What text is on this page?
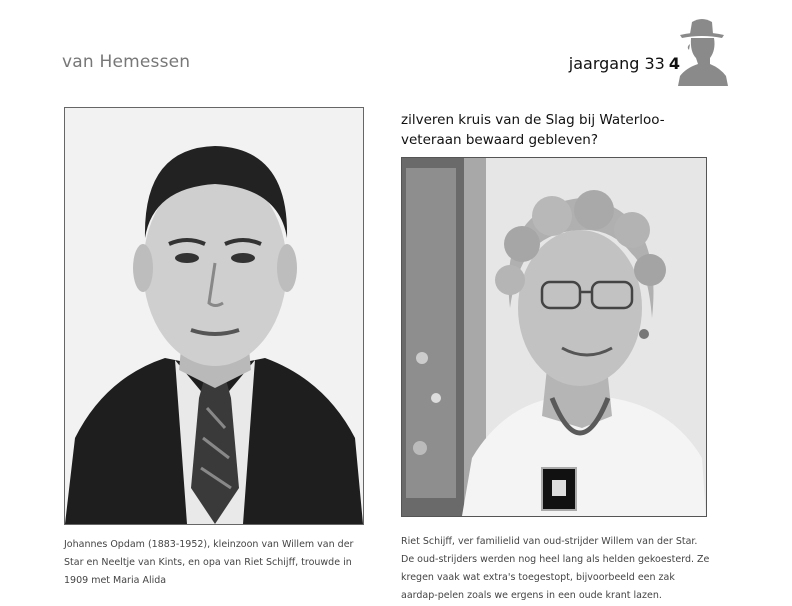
van Hemessen	jaargang 33 4
zilveren kruis van de Slag bij Waterloo-veteraan bewaard gebleven?
Johannes Opdam (1883-1952), kleinzoon van Willem van der Star en Neeltje van Kints, en opa van Riet Schijff, trouwde in 1909 met Maria Alida
Riet Schijff, ver familielid van oud-strijder Willem van der Star. De oud-strijders werden nog heel lang als helden gekoesterd. Ze kregen vaak wat extra's toegestopt, bijvoorbeeld een zak aardap-pelen zoals we ergens in een oude krant lazen.
